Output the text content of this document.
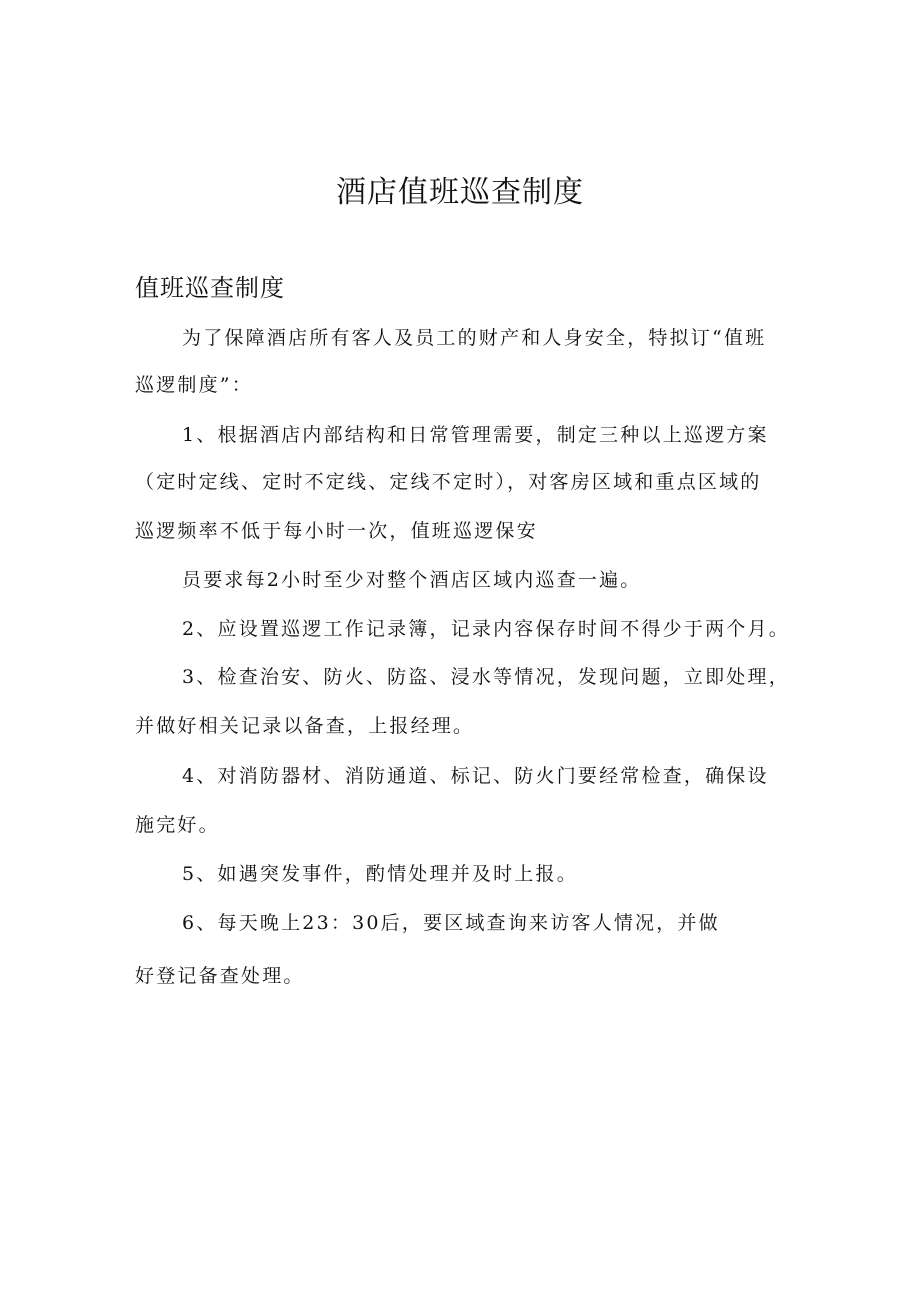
酒店值班巡查制度
值班巡查制度
为了保障酒店所有客人及员工的财产和人身安全，特拟订“值班
巡逻制度”：
1、根据酒店内部结构和日常管理需要，制定三种以上巡逻方案
（定时定线、定时不定线、定线不定时），对客房区域和重点区域的
巡逻频率不低于每小时一次，值班巡逻保安
员要求每2小时至少对整个酒店区域内巡查一遍。
2、应设置巡逻工作记录簿，记录内容保存时间不得少于两个月。
3、检查治安、防火、防盗、浸水等情况，发现问题，立即处理，
并做好相关记录以备查，上报经理。
4、对消防器材、消防通道、标记、防火门要经常检查，确保设
施完好。
5、如遇突发事件，酌情处理并及时上报。
6、每天晚上23：30后，要区域查询来访客人情况，并做
好登记备查处理。
